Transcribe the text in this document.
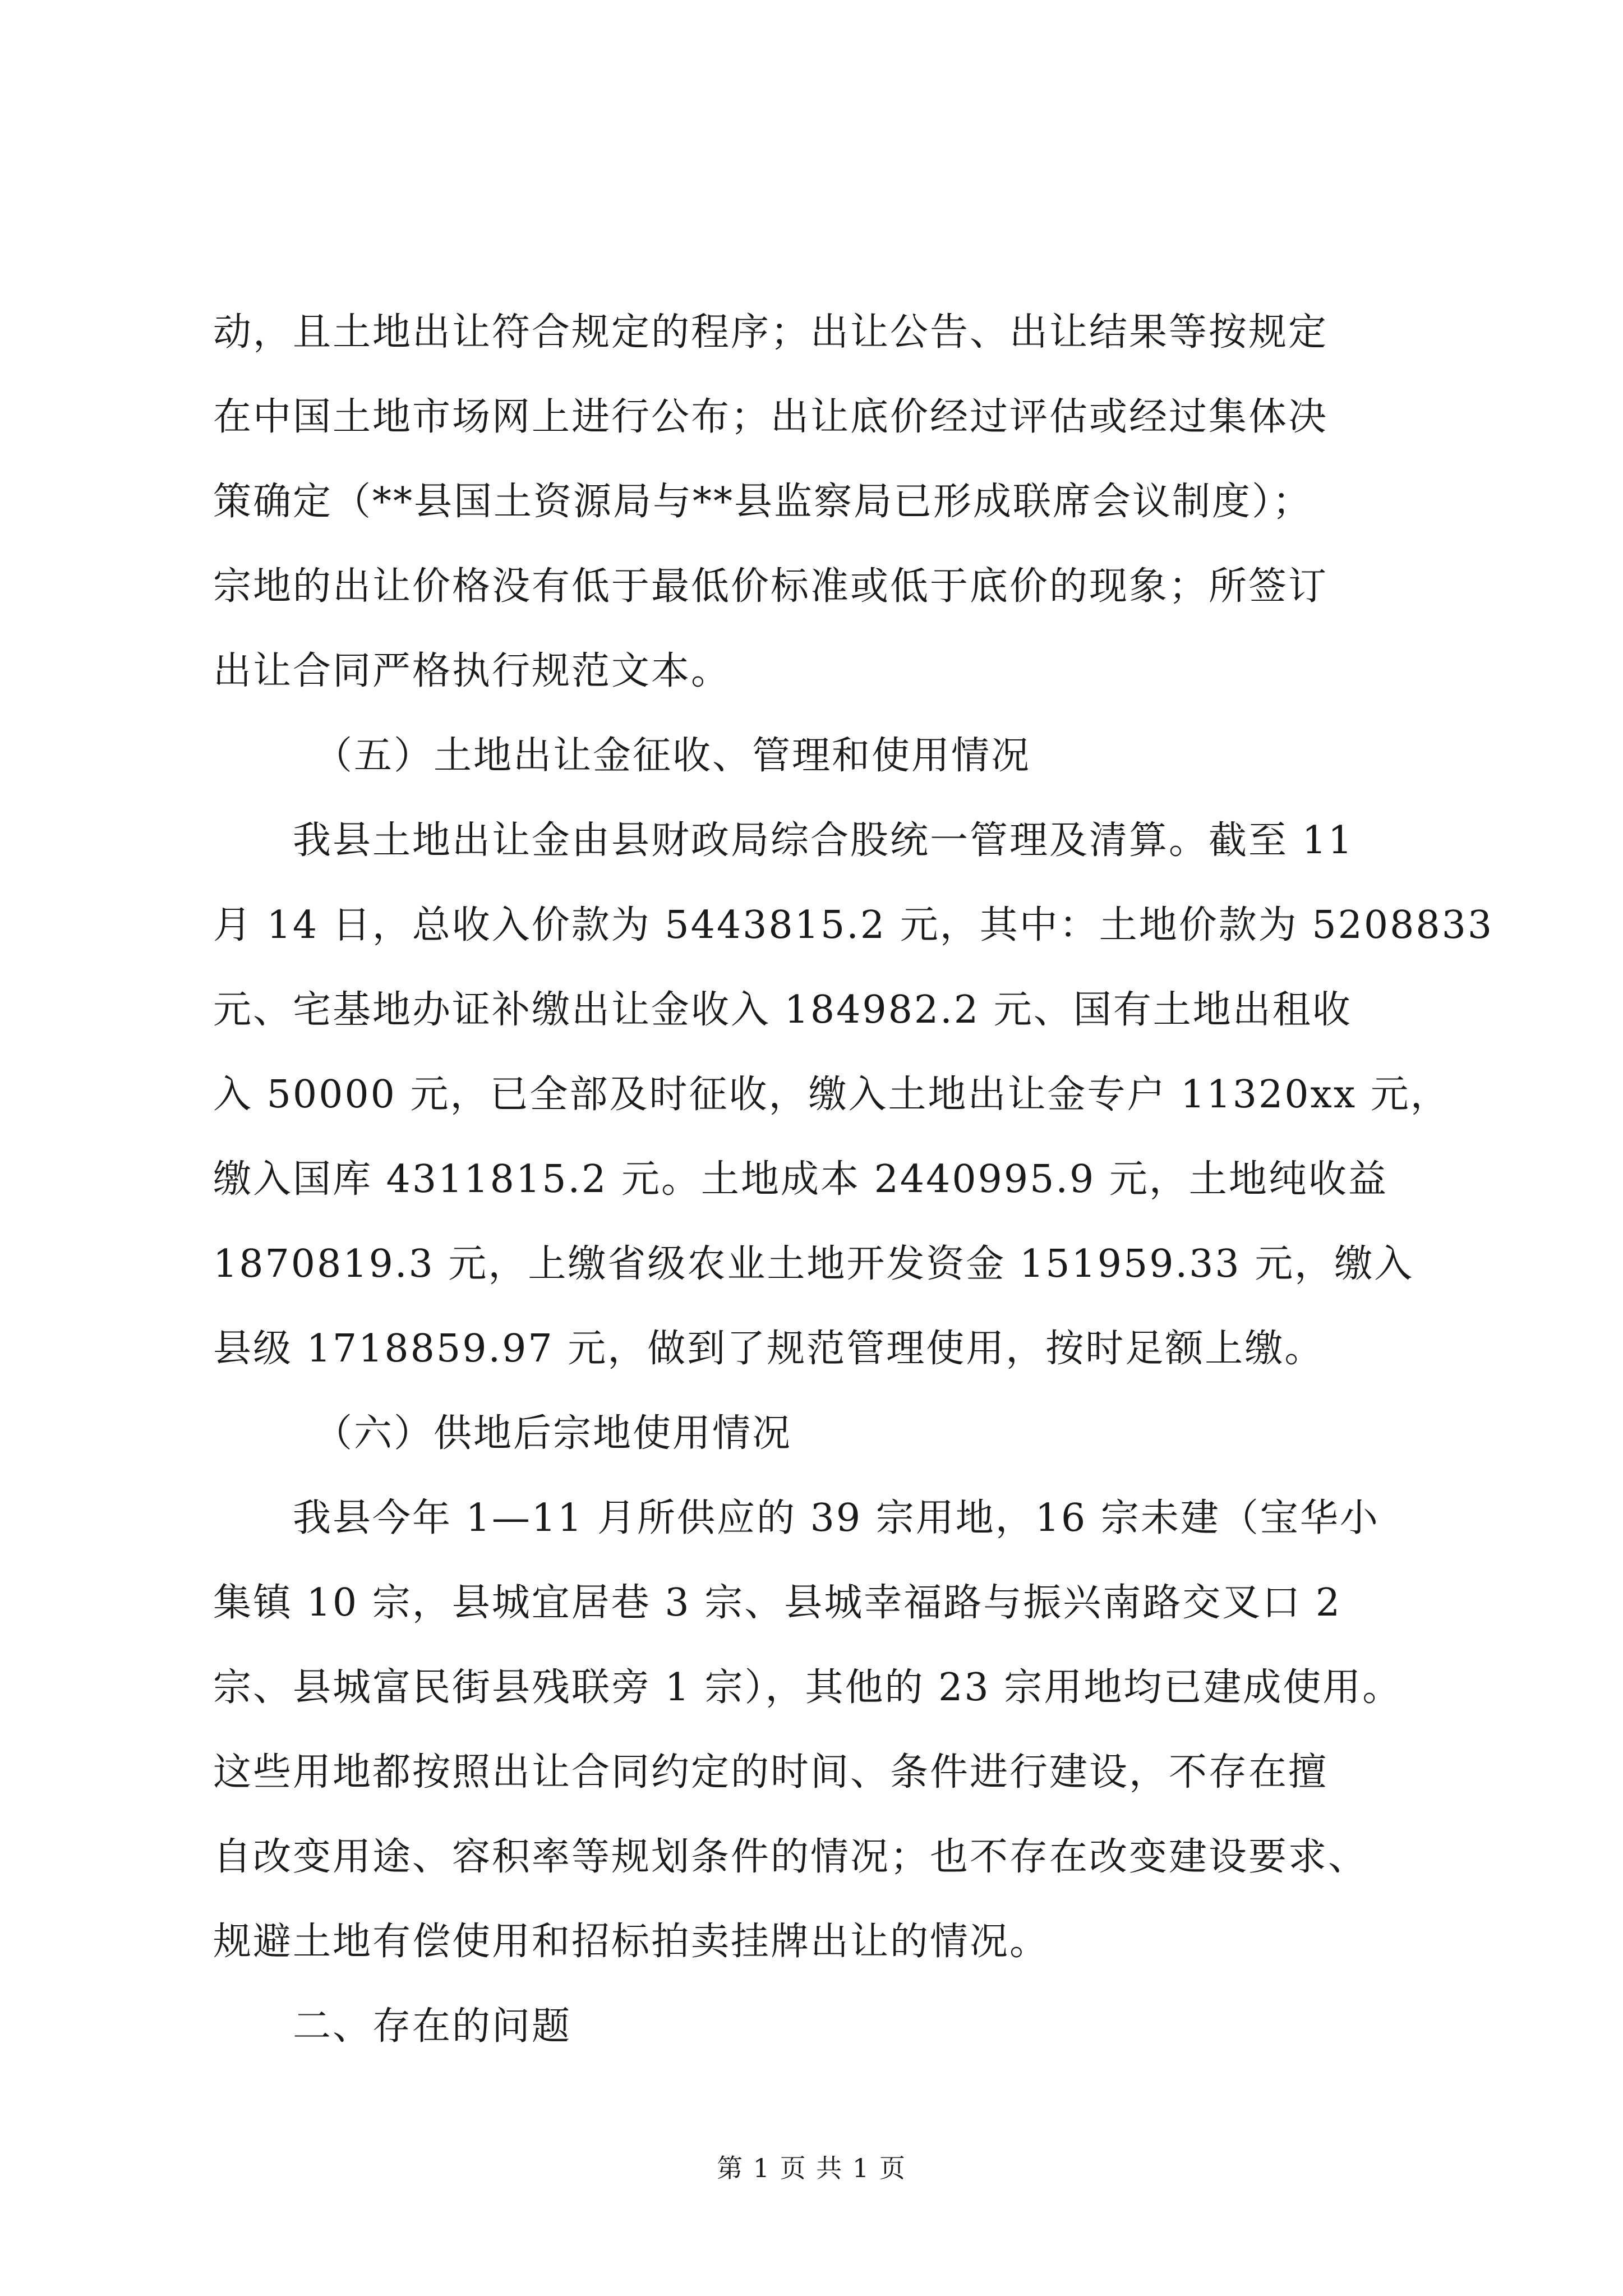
动，且土地出让符合规定的程序；出让公告、出让结果等按规定
在中国土地市场网上进行公布；出让底价经过评估或经过集体决
策确定（**县国土资源局与**县监察局已形成联席会议制度）；
宗地的出让价格没有低于最低价标准或低于底价的现象；所签订
出让合同严格执行规范文本。
（五）土地出让金征收、管理和使用情况
我县土地出让金由县财政局综合股统一管理及清算。截至 11
月 14 日，总收入价款为 5443815.2 元，其中：土地价款为 5208833
元、宅基地办证补缴出让金收入 184982.2 元、国有土地出租收
入 50000 元，已全部及时征收，缴入土地出让金专户 11320xx 元，
缴入国库 4311815.2 元。土地成本 2440995.9 元，土地纯收益
1870819.3 元，上缴省级农业土地开发资金 151959.33 元，缴入
县级 1718859.97 元，做到了规范管理使用，按时足额上缴。
（六）供地后宗地使用情况
我县今年 1—11 月所供应的 39 宗用地，16 宗未建（宝华小
集镇 10 宗，县城宜居巷 3 宗、县城幸福路与振兴南路交叉口 2
宗、县城富民街县残联旁 1 宗），其他的 23 宗用地均已建成使用。
这些用地都按照出让合同约定的时间、条件进行建设，不存在擅
自改变用途、容积率等规划条件的情况；也不存在改变建设要求、
规避土地有偿使用和招标拍卖挂牌出让的情况。
二、存在的问题
第 1 页 共 1 页
